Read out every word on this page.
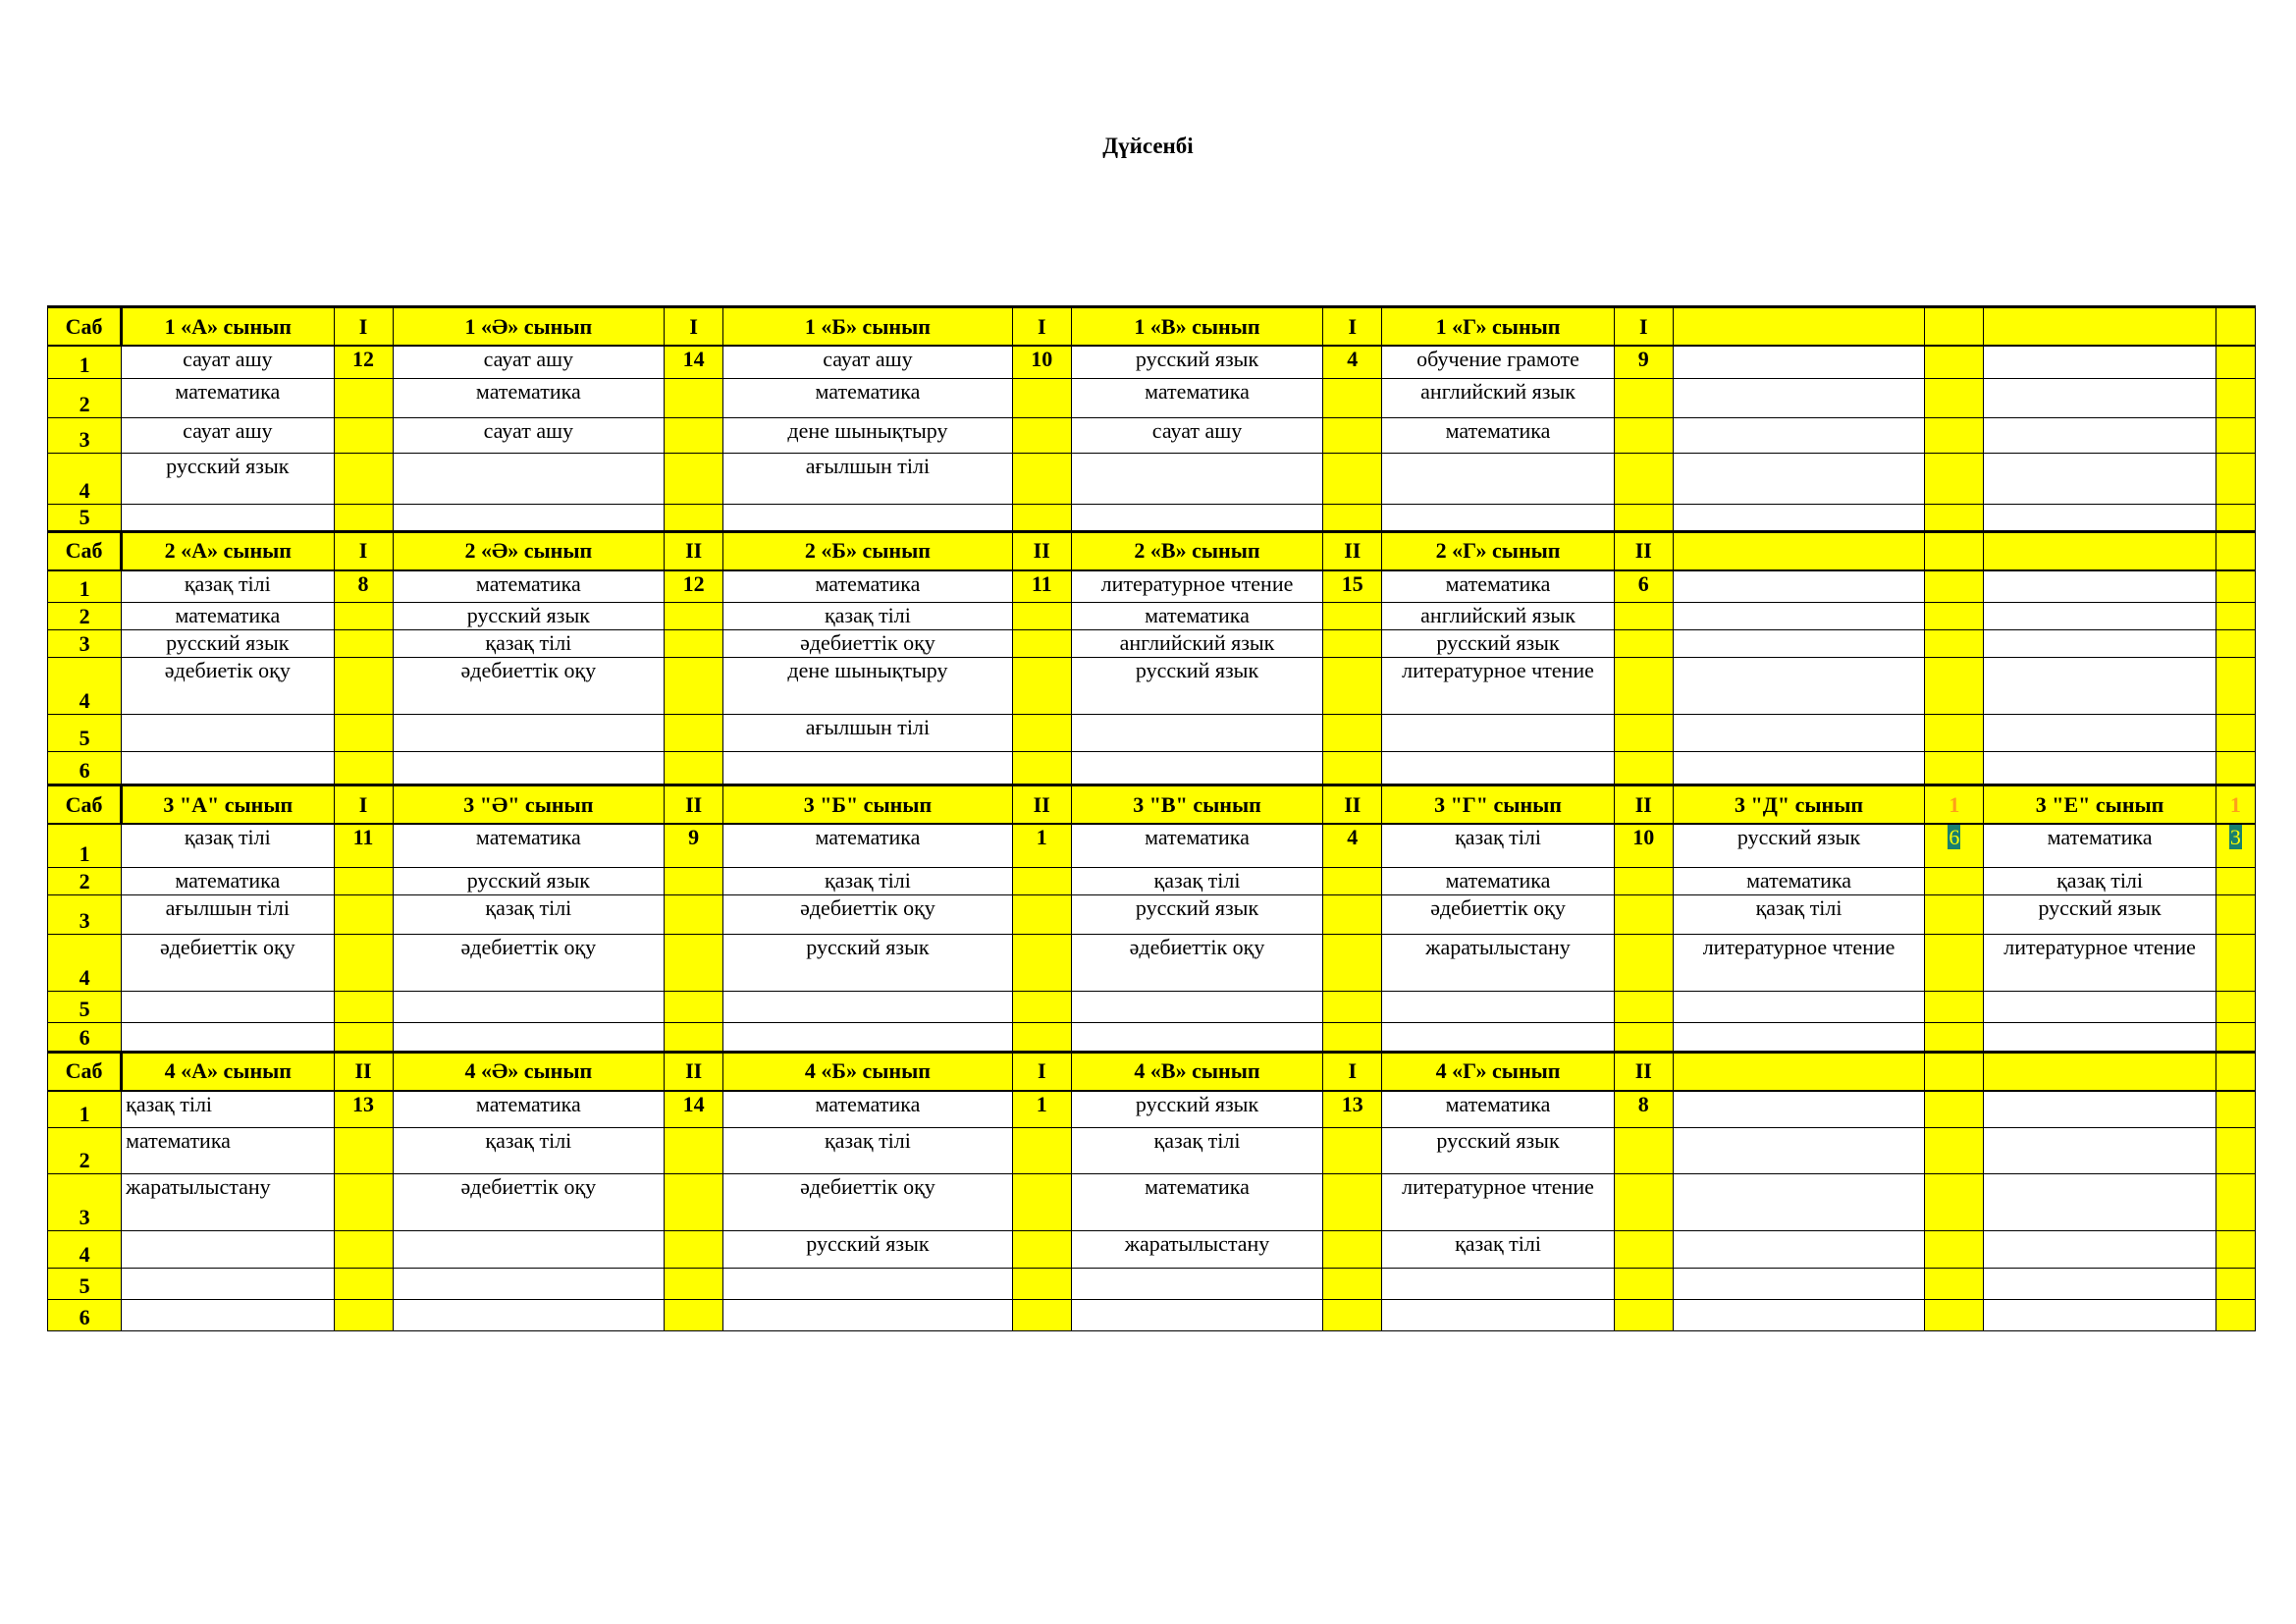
Дүйсенбі
Саб	1 «А» сынып	I	1 «Ә» сынып	I	1 «Б» сынып	I	1 «В» сынып	I	1 «Г» сынып	I				
1	сауат ашу	12	сауат ашу	14	сауат ашу	10	русский язык	4	обучение грамоте	9				
2	математика		математика		математика		математика		английский язык					
3	сауат ашу		сауат ашу		дене шынықтыру		сауат ашу		математика					
4	русский язык				ағылшын тілі									
5														
Саб	2 «А» сынып	I	2 «Ә» сынып	II	2 «Б» сынып	II	2 «В» сынып	II	2 «Г» сынып	II				
1	қазақ тілі	8	математика	12	математика	11	литературное чтение	15	математика	6				
2	математика		русский язык		қазақ тілі		математика		английский язык					
3	русский язык		қазақ тілі		әдебиеттік оқу		английский язык		русский язык					
4	әдебиетік оқу		әдебиеттік оқу		дене шынықтыру		русский язык		литературное чтение					
5					ағылшын тілі									
6														
Саб	3 "А" сынып	I	3 "Ә" сынып	II	3 "Б" сынып	II	3 "В" сынып	II	3 "Г" сынып	II	3 "Д" сынып	1	3 "Е" сынып	1
1	қазақ тілі	11	математика	9	математика	1	математика	4	қазақ тілі	10	русский язык	6	математика	3
2	математика		русский язык		қазақ тілі		қазақ тілі		математика		математика		қазақ тілі	
3	ағылшын тілі		қазақ тілі		әдебиеттік оқу		русский язык		әдебиеттік оқу		қазақ тілі		русский язык	
4	әдебиеттік оқу		әдебиеттік оқу		русский язык		әдебиеттік оқу		жаратылыстану		литературное чтение		литературное чтение	
5														
6														
Саб	4 «А» сынып	II	4 «Ә» сынып	II	4 «Б» сынып	I	4 «В» сынып	I	4 «Г» сынып	II				
1	қазақ тілі	13	математика	14	математика	1	русский язык	13	математика	8				
2	математика		қазақ тілі		қазақ тілі		қазақ тілі		русский язык					
3	жаратылыстану		әдебиеттік оқу		әдебиеттік оқу		математика		литературное чтение					
4					русский язык		жаратылыстану		қазақ тілі					
5														
6														
